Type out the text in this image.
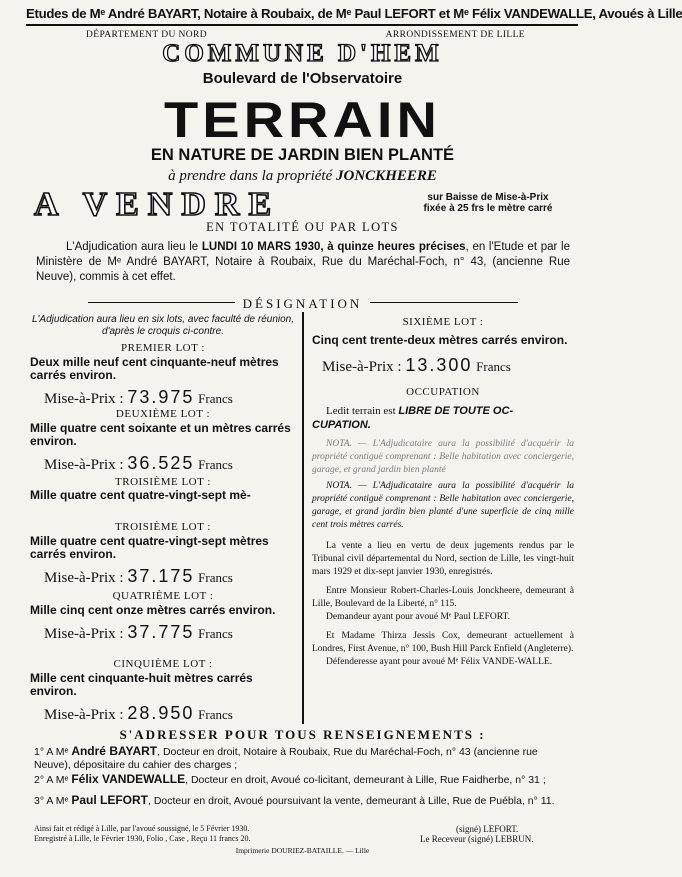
Etudes de Mᵉ André BAYART, Notaire à Roubaix, de Mᵉ Paul LEFORT et Mᵉ Félix VANDEWALLE, Avoués à Lille
DÉPARTEMENT DU NORD	ARRONDISSEMENT DE LILLE
COMMUNE D'HEM
Boulevard de l'Observatoire
TERRAIN
EN NATURE DE JARDIN BIEN PLANTÉ
à prendre dans la propriété JONCKHEERE
A VENDRE	sur Baisse de Mise-à-Prix
fixée à 25 frs le mètre carré
EN TOTALITÉ OU PAR LOTS
L'Adjudication aura lieu le LUNDI 10 MARS 1930, à quinze heures précises, en l'Etude et par le Ministère de Mᵉ André BAYART, Notaire à Roubaix, Rue du Maréchal-Foch, n° 43, (ancienne Rue Neuve), commis à cet effet.
DÉSIGNATION
L'Adjudication aura lieu en six lots, avec faculté de réunion, d'après le croquis ci-contre.
PREMIER LOT :
Deux mille neuf cent cinquante-neuf mètres carrés environ.
Mise-à-Prix : 73.975 Francs
DEUXIÈME LOT :
Mille quatre cent soixante et un mètres carrés environ.
Mise-à-Prix : 36.525 Francs
TROISIÈME LOT :
Mille quatre cent quatre-vingt-sept mè-
TROISIÈME LOT :
Mille quatre cent quatre-vingt-sept mètres carrés environ.
Mise-à-Prix : 37.175 Francs
QUATRIÈME LOT :
Mille cinq cent onze mètres carrés environ.
Mise-à-Prix : 37.775 Francs
CINQUIÈME LOT :
Mille cent cinquante-huit mètres carrés environ.
Mise-à-Prix : 28.950 Francs
SIXIÈME LOT :
Cinq cent trente-deux mètres carrés environ.
Mise-à-Prix : 13.300 Francs
OCCUPATION
Ledit terrain est LIBRE DE TOUTE OC- CUPATION.
NOTA. — L'Adjudicataire aura la possibilité d'acquérir la propriété contiguë comprenant : Belle habitation avec conciergerie, garage, et grand jardin bien planté
NOTA. — L'Adjudicataire aura la possibilité d'acquérir la propriété contiguë comprenant : Belle habitation avec conciergerie, garage, et grand jardin bien planté d'une superficie de cinq mille cent trois mètres carrés.
La vente a lieu en vertu de deux jugements rendus par le Tribunal civil départemental du Nord, section de Lille, les vingt-huit mars 1929 et dix-sept janvier 1930, enregistrés.
Entre Monsieur Robert-Charles-Louis Jonckheere, demeurant à Lille, Boulevard de la Liberté, n° 115.
Demandeur ayant pour avoué Mᵉ Paul LEFORT.
Et Madame Thirza Jessis Cox, demeurant actuellement à Londres, First Avenue, n° 100, Bush Hill Parck Enfield (Angleterre).
Défenderesse ayant pour avoué Mᵉ Félix VANDE-WALLE.
S'ADRESSER POUR TOUS RENSEIGNEMENTS :
1° A Mᵉ André BAYART, Docteur en droit, Notaire à Roubaix, Rue du Maréchal-Foch, n° 43 (ancienne rue Neuve), dépositaire du cahier des charges ;
2° A Mᵉ Félix VANDEWALLE, Docteur en droit, Avoué co-licitant, demeurant à Lille, Rue Faidherbe, n° 31 ;
3° A Mᵉ Paul LEFORT, Docteur en droit, Avoué poursuivant la vente, demeurant à Lille, Rue de Puébla, n° 11.
Ainsi fait et rédigé à Lille, par l'avoué soussigné, le 5 Février 1930.
Enregistré à Lille, le Février 1930, Folio , Case , Reçu 11 francs 20.
(signé) LEFORT.
Le Receveur (signé) LEBRUN.
Imprimerie DOURIEZ-BATAILLE. — Lille
